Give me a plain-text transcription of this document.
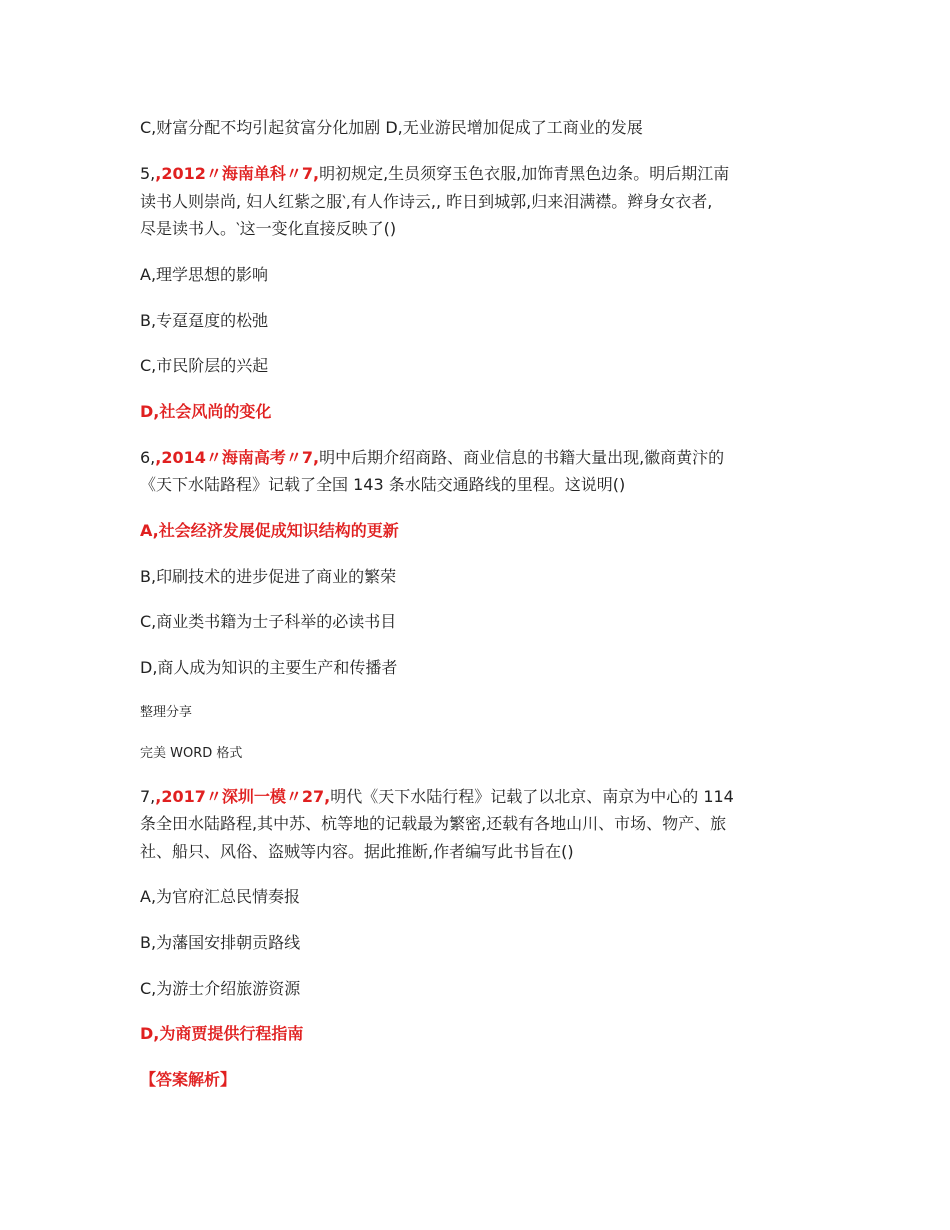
C,财富分配不均引起贫富分化加剧 D,无业游民增加促成了工商业的发展
5,,2012〃海南单科〃7,明初规定,生员须穿玉色衣服,加饰青黑色边条。明后期江南
读书人则崇尚, 妇人红紫之服‵,有人作诗云,, 昨日到城郭,归来泪满襟。辫身女衣者,
尽是读书人。‵这一变化直接反映了()
A,理学思想的影响
B,专趸趸度的松弛
C,市民阶层的兴起
D,社会风尚的变化
6,,2014〃海南高考〃7,明中后期介绍商路、商业信息的书籍大量出现,徽商黄汴的
《天下水陆路程》记载了全国 143 条水陆交通路线的里程。这说明()
A,社会经济发展促成知识结构的更新
B,印刷技术的进步促进了商业的繁荣
C,商业类书籍为士子科举的必读书目
D,商人成为知识的主要生产和传播者
整理分享
完美 WORD 格式
7,,2017〃深圳一模〃27,明代《天下水陆行程》记载了以北京、南京为中心的 114
条全田水陆路程,其中苏、杭等地的记载最为繁密,还载有各地山川、市场、物产、旅
社、船只、风俗、盗贼等内容。据此推断,作者编写此书旨在()
A,为官府汇总民情奏报
B,为藩国安排朝贡路线
C,为游士介绍旅游资源
D,为商贾提供行程指南
【答案解析】
